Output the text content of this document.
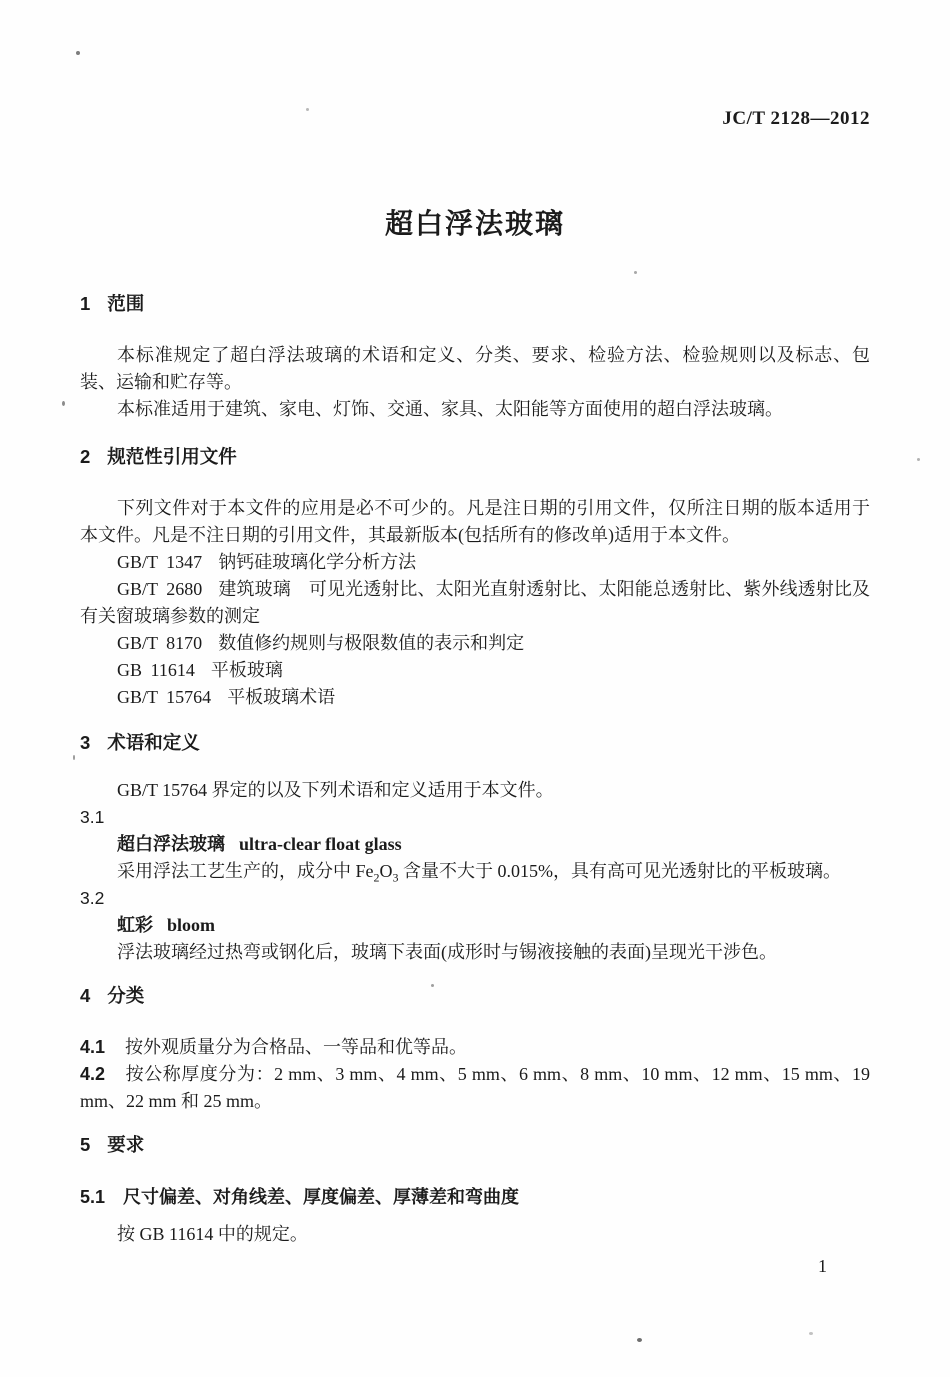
JC/T 2128—2012
超白浮法玻璃

1 范围

本标准规定了超白浮法玻璃的术语和定义、分类、要求、检验方法、检验规则以及标志、包装、运输和贮存等。

本标准适用于建筑、家电、灯饰、交通、家具、太阳能等方面使用的超白浮法玻璃。

2 规范性引用文件

下列文件对于本文件的应用是必不可少的。凡是注日期的引用文件，仅所注日期的版本适用于本文件。凡是不注日期的引用文件，其最新版本(包括所有的修改单)适用于本文件。

GB/T 1347 钠钙硅玻璃化学分析方法

GB/T 2680 建筑玻璃　可见光透射比、太阳光直射透射比、太阳能总透射比、紫外线透射比及有关窗玻璃参数的测定

GB/T 8170 数值修约规则与极限数值的表示和判定

GB 11614 平板玻璃

GB/T 15764 平板玻璃术语

3 术语和定义

GB/T 15764 界定的以及下列术语和定义适用于本文件。

3.1

超白浮法玻璃 ultra-clear float glass

采用浮法工艺生产的，成分中 $Fe_2O_3$ 含量不大于 0.015%，具有高可见光透射比的平板玻璃。

3.2

虹彩 bloom

浮法玻璃经过热弯或钢化后，玻璃下表面(成形时与锡液接触的表面)呈现光干涉色。

4 分类

4.1 按外观质量分为合格品、一等品和优等品。

4.2 按公称厚度分为：2 mm、3 mm、4 mm、5 mm、6 mm、8 mm、10 mm、12 mm、15 mm、19 mm、22 mm 和 25 mm。

5 要求

5.1 尺寸偏差、对角线差、厚度偏差、厚薄差和弯曲度

按 GB 11614 中的规定。

1
